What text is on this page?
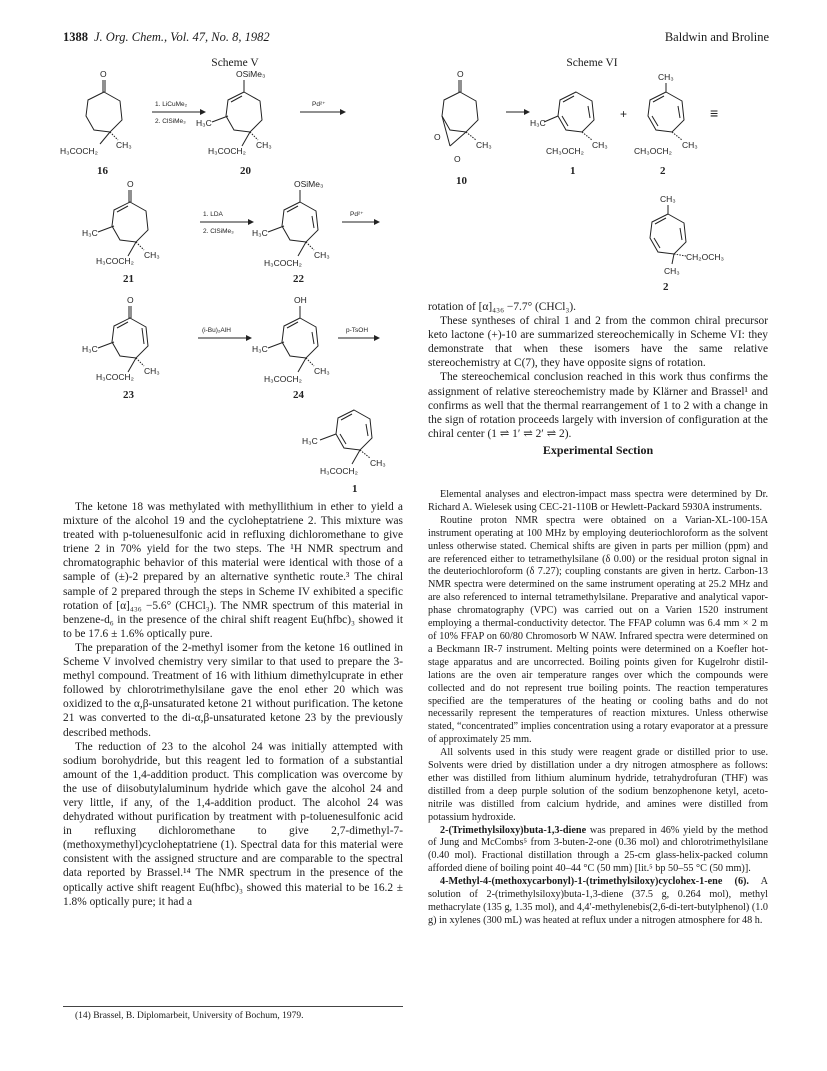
1388 J. Org. Chem., Vol. 47, No. 8, 1982	Baldwin and Broline
Scheme V
O
CH₃
H₃COCH₂
16
1. LiCuMe₂
2. ClSiMe₃
OSiMe₃
H₃C
CH₃
H₃COCH₂
20
Pd²⁺
O
H₃C
CH₃
H₃COCH₂
21
1. LDA
2. ClSiMe₃
OSiMe₃
H₃C
CH₃
H₃COCH₂
22
Pd²⁺
O
H₃C
CH₃
H₃COCH₂
23
(i-Bu)₂AlH
OH
H₃C
CH₃
H₃COCH₂
24
p-TsOH
H₃C
CH₃
H₃COCH₂
1
Scheme VI
O
O
O
CH₃
10
H₃C
CH₃
CH₃OCH₂
1
+
CH₃
CH₃
CH₃OCH₂
2
≡
CH₃
CH₂OCH₃
CH₃
2

The ketone 18 was methylated with methyllithium in ether to yield a mixture of the alcohol 19 and the cycloheptatriene 2. This mixture was treated with p-toluenesulfonic acid in refluxing dichloromethane to give triene 2 in 70% yield for the two steps. The ¹H NMR spectrum and chromatographic behavior of this material were identical with those of a sample of (±)-2 prepared by an alternative synthetic route.³ The chiral sample of 2 prepared through the steps in Scheme IV exhibited a specific rotation of [α]₄₃₆ −5.6° (CHCl₃). The NMR spectrum of this material in benzene-d₆ in the presence of the chiral shift reagent Eu(hfbc)₃ showed it to be 17.6 ± 1.6% optically pure.

The preparation of the 2-methyl isomer from the ketone 16 outlined in Scheme V involved chemistry very similar to that used to prepare the 3-methyl compound. Treatment of 16 with lithium dimethylcuprate in ether followed by chlorotrimethylsilane gave the enol ether 20 which was oxidized to the α,β-unsaturated ketone 21 without purification. The ketone 21 was converted to the di-α,β-unsaturated ketone 23 by the previously described methods.

The reduction of 23 to the alcohol 24 was initially attempted with sodium borohydride, but this reagent led to formation of a substantial amount of the 1,4-addition product. This complication was overcome by the use of diisobutylaluminum hydride which gave the alcohol 24 and very little, if any, of the 1,4-addition product. The alcohol 24 was dehydrated without purification by treatment with p-toluenesulfonic acid in refluxing dichloromethane to give 2,7-dimethyl-7-(methoxymethyl)cycloheptatriene (1). Spectral data for this material were consistent with the assigned structure and are comparable to the spectral data reported by Brassel.¹⁴ The NMR spectrum in the presence of the optically active shift reagent Eu(hfbc)₃ showed this material to be 16.2 ± 1.8% optically pure; it had a

(14) Brassel, B. Diplomarbeit, University of Bochum, 1979.

rotation of [α]₄₃₆ −7.7° (CHCl₃).

These syntheses of chiral 1 and 2 from the common chiral precursor keto lactone (+)-10 are summarized stereochemically in Scheme VI: they demonstrate that when these isomers have the same relative stereochemistry at C(7), they have opposite signs of rotation.

The stereochemical conclusion reached in this work thus confirms the assignment of relative stereochemistry made by Klärner and Brassel¹ and confirms as well that the thermal rearrangement of 1 to 2 with a change in the sign of rotation proceeds largely with inversion of configuration at the chiral center (1 ⇌ 1′ ⇌ 2′ ⇌ 2).

Experimental Section

Elemental analyses and electron-impact mass spectra were determined by Dr. Richard A. Wielesek using CEC-21-110B or Hewlett-Packard 5930A instruments.

Routine proton NMR spectra were obtained on a Varian-XL-100-15A instrument operating at 100 MHz by employing deuteriochloroform as the solvent unless otherwise stated. Chemical shifts are given in parts per million (ppm) and are referenced either to tetramethylsilane (δ 0.00) or the residual proton signal in the deuteriochloroform (δ 7.27); coupling constants are given in hertz. Carbon-13 NMR spectra were determined on the same instrument operating at 25.2 MHz and are also referenced to internal tetramethylsilane. Preparative and analytical vapor-phase chromatography (VPC) was carried out on a Varien 1520 instrument employing a thermal-conductivity detector. The FFAP column was 6.4 mm × 2 m of 10% FFAP on 60/80 Chromosorb W NAW. Infrared spectra were determined on a Beckmann IR-7 instrument. Melting points were determined on a Koefler hot-stage apparatus and are uncorrected. Boiling points given for Kugelrohr distillations are the oven air temperature ranges over which the compounds were collected and do not represent true boiling points. The reaction temperatures specified are the temperatures of the heating or cooling baths and do not necessarily represent the temperatures of reaction mixtures. Unless otherwise stated, “concentrated” implies concentration using a rotary evaporator at a pressure of approximately 25 mm.

All solvents used in this study were reagent grade or distilled prior to use. Solvents were dried by distillation under a dry nitrogen atmosphere as follows: ether was distilled from lithium aluminum hydride, tetrahydrofuran (THF) was distilled from a deep purple solution of the sodium benzophenone ketyl, acetonitrile was distilled from calcium hydride, and amines were distilled from potassium hydroxide.

2-(Trimethylsiloxy)buta-1,3-diene was prepared in 46% yield by the method of Jung and McCombs⁵ from 3-buten-2-one (0.36 mol) and chlorotrimethylsilane (0.40 mol). Fractional distillation through a 25-cm glass-helix-packed column afforded diene of boiling point 40–44 °C (50 mm) [lit.⁵ bp 50–55 °C (50 mm)].

4-Methyl-4-(methoxycarbonyl)-1-(trimethylsiloxy)cyclohex-1-ene (6). A solution of 2-(trimethylsiloxy)buta-1,3-diene (37.5 g, 0.264 mol), methyl methacrylate (135 g, 1.35 mol), and 4,4′-methylenebis(2,6-di-tert-butylphenol) (1.0 g) in xylenes (300 mL) was heated at reflux under a nitrogen atmosphere for 48 h.
